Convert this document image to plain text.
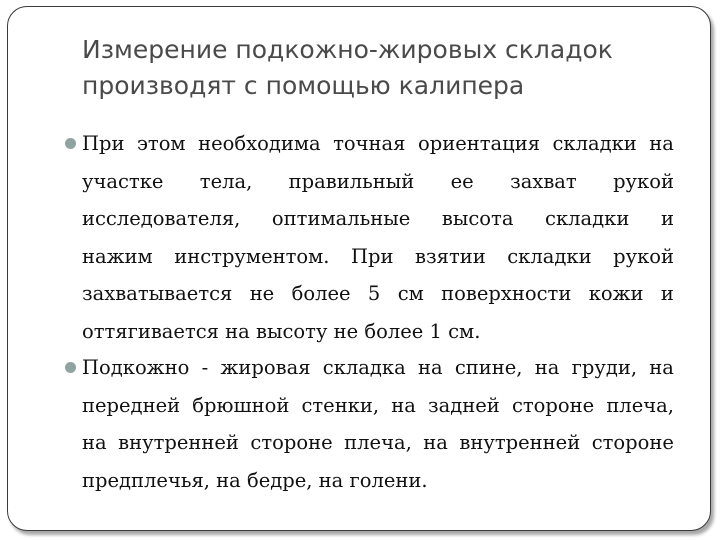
Измерение подкожно-жировых складок
производят с помощью калипера
При этом необходима точная ориентация складки на
участке тела, правильный ее захват рукой
исследователя, оптимальные высота складки и
нажим инструментом. При взятии складки рукой
захватывается не более 5 см поверхности кожи и
оттягивается на высоту не более 1 см.
Подкожно - жировая складка на спине, на груди, на
передней брюшной стенки, на задней стороне плеча,
на внутренней стороне плеча, на внутренней стороне
предплечья, на бедре, на голени.
